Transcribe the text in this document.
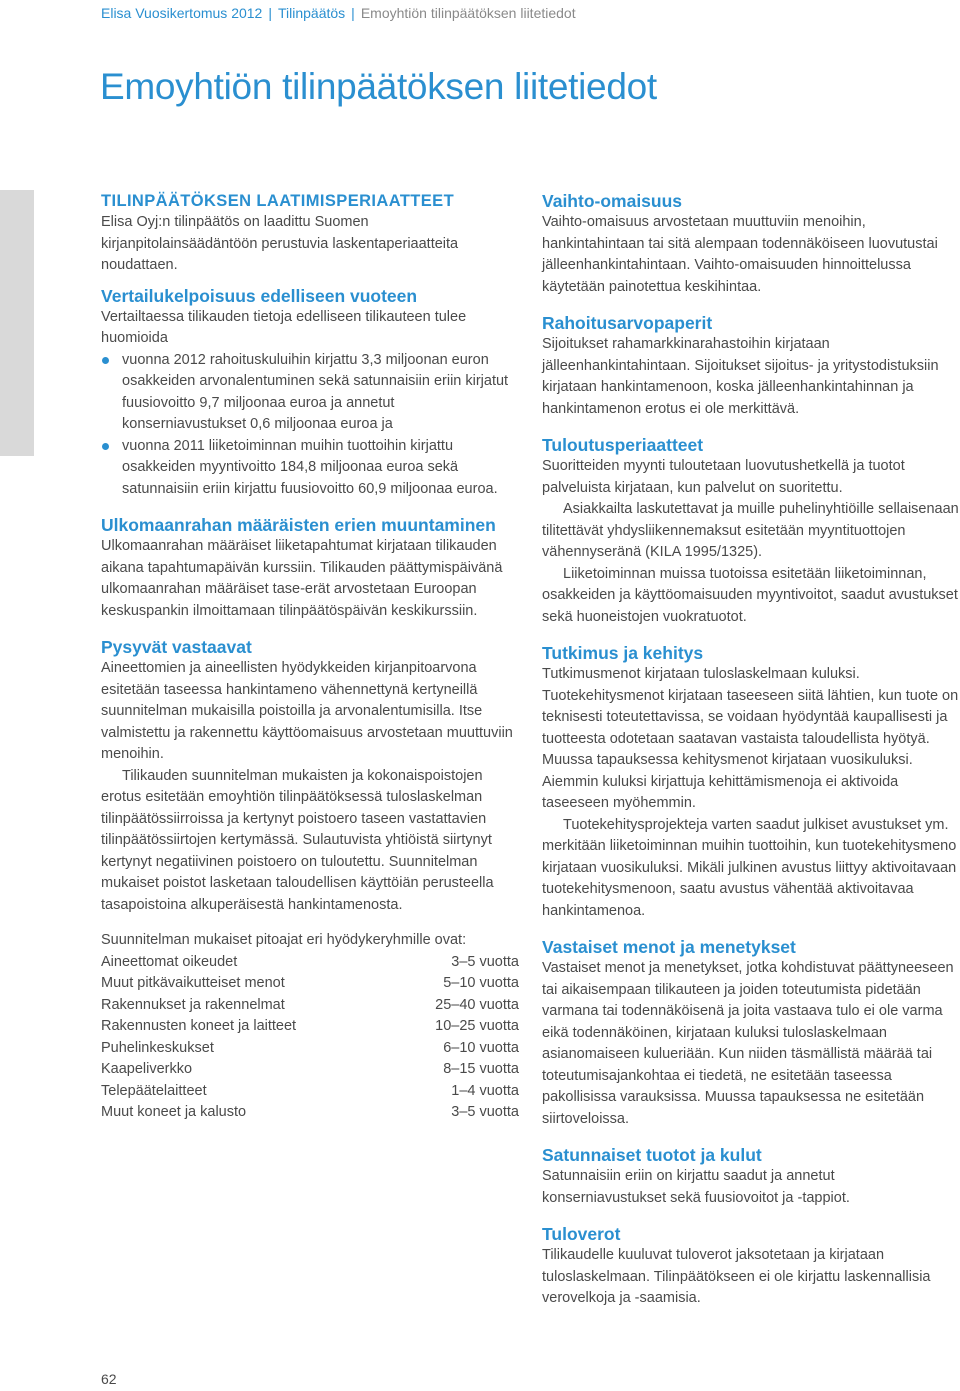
Elisa Vuosikertomus 2012 | Tilinpäätös | Emoyhtiön tilinpäätöksen liitetiedot
Emoyhtiön tilinpäätöksen liitetiedot
TILINPÄÄTÖKSEN LAATIMISPERIAATTEET

Elisa Oyj:n tilinpäätös on laadittu Suomen kirjanpitolainsäädäntöön perustuvia laskentaperiaatteita noudattaen.

Vertailukelpoisuus edelliseen vuoteen

Vertailtaessa tilikauden tietoja edelliseen tilikauteen tulee huomioida

vuonna 2012 rahoituskuluihin kirjattu 3,3 miljoonan euron osakkeiden arvonalentuminen sekä satunnaisiin eriin kirjatut fuusiovoitto 9,7 miljoonaa euroa ja annetut konserniavustukset 0,6 miljoonaa euroa ja
vuonna 2011 liiketoiminnan muihin tuottoihin kirjattu osakkeiden myyntivoitto 184,8 miljoonaa euroa sekä satunnaisiin eriin kirjattu fuusiovoitto 60,9 miljoonaa euroa.
Ulkomaanrahan määräisten erien muuntaminen

Ulkomaanrahan määräiset liiketapahtumat kirjataan tilikauden aikana tapahtumapäivän kurssiin. Tilikauden päättymispäivänä ulkomaanrahan määräiset tase-erät arvostetaan Euroopan keskuspankin ilmoittamaan tilinpäätöspäivän keskikurssiin.

Pysyvät vastaavat

Aineettomien ja aineellisten hyödykkeiden kirjanpitoarvona esitetään taseessa hankintameno vähennettynä kertyneillä suunnitelman mukaisilla poistoilla ja arvonalentumisilla. Itse valmistettu ja rakennettu käyttöomaisuus arvostetaan muuttuviin menoihin.

Tilikauden suunnitelman mukaisten ja kokonaispoistojen erotus esitetään emoyhtiön tilinpäätöksessä tuloslaskelman tilinpäätössiirroissa ja kertynyt poistoero taseen vastattavien tilinpäätössiirtojen kertymässä. Sulautuvista yhtiöistä siirtynyt kertynyt negatiivinen poistoero on tuloutettu. Suunnitelman mukaiset poistot lasketaan taloudellisen käyttöiän perusteella tasapoistoina alkuperäisestä hankintamenosta.

Suunnitelman mukaiset pitoajat eri hyödykeryhmille ovat:

Aineettomat oikeudet	3–5 vuotta
Muut pitkävaikutteiset menot	5–10 vuotta
Rakennukset ja rakennelmat	25–40 vuotta
Rakennusten koneet ja laitteet	10–25 vuotta
Puhelinkeskukset	6–10 vuotta
Kaapeliverkko	8–15 vuotta
Telepäätelaitteet	1–4 vuotta
Muut koneet ja kalusto	3–5 vuotta
Vaihto-omaisuus

Vaihto-omaisuus arvostetaan muuttuviin menoihin, hankintahintaan tai sitä alempaan todennäköiseen luovutustai jälleenhankintahintaan. Vaihto-omaisuuden hinnoittelussa käytetään painotettua keskihintaa.

Rahoitusarvopaperit

Sijoitukset rahamarkkinarahastoihin kirjataan jälleenhankintahintaan. Sijoitukset sijoitus- ja yritystodistuksiin kirjataan hankintamenoon, koska jälleenhankintahinnan ja hankintamenon erotus ei ole merkittävä.

Tuloutusperiaatteet

Suoritteiden myynti tuloutetaan luovutushetkellä ja tuotot palveluista kirjataan, kun palvelut on suoritettu.

Asiakkailta laskutettavat ja muille puhelinyhtiöille sellaisenaan tilitettävät yhdysliikennemaksut esitetään myyntituottojen vähennyseränä (KILA 1995/1325).

Liiketoiminnan muissa tuotoissa esitetään liiketoiminnan, osakkeiden ja käyttöomaisuuden myyntivoitot, saadut avustukset sekä huoneistojen vuokratuotot.

Tutkimus ja kehitys

Tutkimusmenot kirjataan tuloslaskelmaan kuluksi. Tuotekehitysmenot kirjataan taseeseen siitä lähtien, kun tuote on teknisesti toteutettavissa, se voidaan hyödyntää kaupallisesti ja tuotteesta odotetaan saatavan vastaista taloudellista hyötyä. Muussa tapauksessa kehitysmenot kirjataan vuosikuluksi. Aiemmin kuluksi kirjattuja kehittämismenoja ei aktivoida taseeseen myöhemmin.

Tuotekehitysprojekteja varten saadut julkiset avustukset ym. merkitään liiketoiminnan muihin tuottoihin, kun tuotekehitysmeno kirjataan vuosikuluksi. Mikäli julkinen avustus liittyy aktivoitavaan tuotekehitysmenoon, saatu avustus vähentää aktivoitavaa hankintamenoa.

Vastaiset menot ja menetykset

Vastaiset menot ja menetykset, jotka kohdistuvat päättyneeseen tai aikaisempaan tilikauteen ja joiden toteutumista pidetään varmana tai todennäköisenä ja joita vastaava tulo ei ole varma eikä todennäköinen, kirjataan kuluksi tuloslaskelmaan asianomaiseen kulueriään. Kun niiden täsmällistä määrää tai toteutumisajankohtaa ei tiedetä, ne esitetään taseessa pakollisissa varauksissa. Muussa tapauksessa ne esitetään siirtoveloissa.

Satunnaiset tuotot ja kulut

Satunnaisiin eriin on kirjattu saadut ja annetut konserniavustukset sekä fuusiovoitot ja -tappiot.

Tuloverot

Tilikaudelle kuuluvat tuloverot jaksotetaan ja kirjataan tuloslaskelmaan. Tilinpäätökseen ei ole kirjattu laskennallisia verovelkoja ja -saamisia.

62
